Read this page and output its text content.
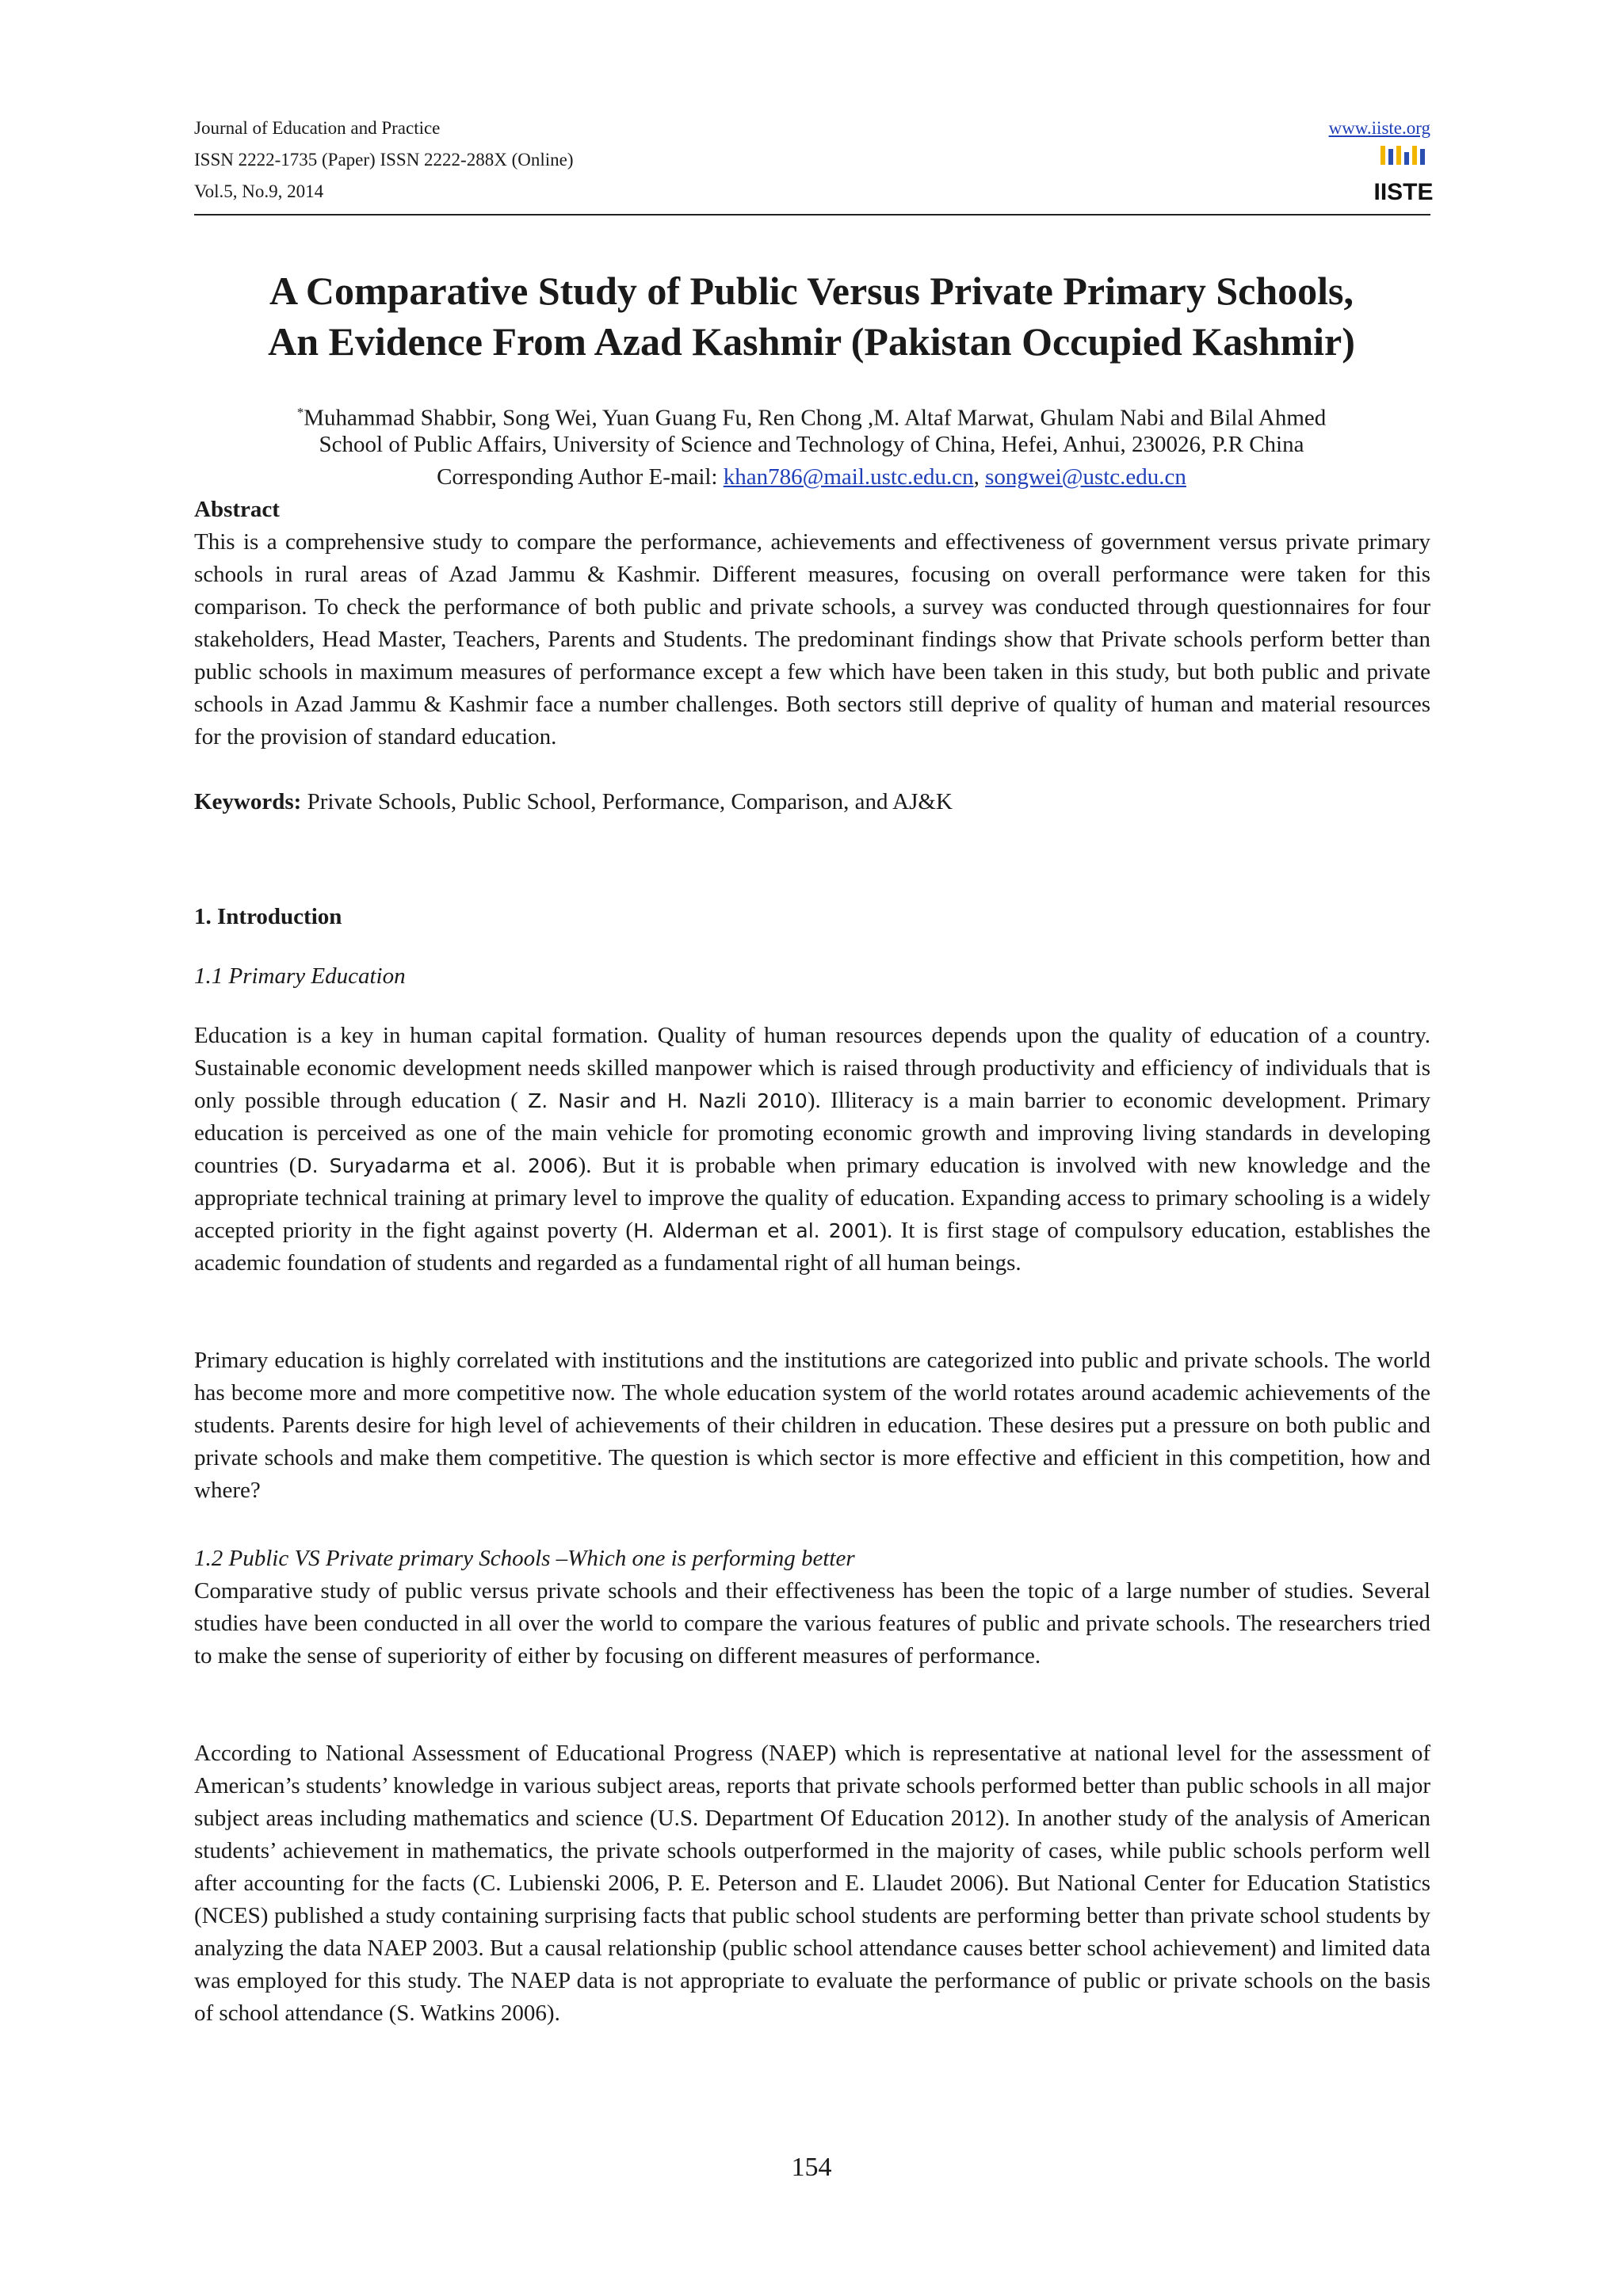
Journal of Education and Practice
ISSN 2222-1735 (Paper) ISSN 2222-288X (Online)
Vol.5, No.9, 2014
www.iiste.org
IISTE
A Comparative Study of Public Versus Private Primary Schools,
An Evidence From Azad Kashmir (Pakistan Occupied Kashmir)
*Muhammad Shabbir, Song Wei, Yuan Guang Fu, Ren Chong ,M. Altaf Marwat, Ghulam Nabi and Bilal Ahmed
School of Public Affairs, University of Science and Technology of China, Hefei, Anhui, 230026, P.R China
Corresponding Author E-mail: khan786@mail.ustc.edu.cn, songwei@ustc.edu.cn
Abstract
This is a comprehensive study to compare the performance, achievements and effectiveness of government versus private primary schools in rural areas of Azad Jammu & Kashmir. Different measures, focusing on overall performance were taken for this comparison. To check the performance of both public and private schools, a survey was conducted through questionnaires for four stakeholders, Head Master, Teachers, Parents and Students. The predominant findings show that Private schools perform better than public schools in maximum measures of performance except a few which have been taken in this study, but both public and private schools in Azad Jammu & Kashmir face a number challenges. Both sectors still deprive of quality of human and material resources for the provision of standard education.
Keywords: Private Schools, Public School, Performance, Comparison, and AJ&K
1. Introduction
1.1 Primary Education
Education is a key in human capital formation. Quality of human resources depends upon the quality of education of a country. Sustainable economic development needs skilled manpower which is raised through productivity and efficiency of individuals that is only possible through education ( Z. Nasir and H. Nazli 2010). Illiteracy is a main barrier to economic development. Primary education is perceived as one of the main vehicle for promoting economic growth and improving living standards in developing countries (D. Suryadarma et al. 2006). But it is probable when primary education is involved with new knowledge and the appropriate technical training at primary level to improve the quality of education. Expanding access to primary schooling is a widely accepted priority in the fight against poverty (H. Alderman et al. 2001). It is first stage of compulsory education, establishes the academic foundation of students and regarded as a fundamental right of all human beings.
Primary education is highly correlated with institutions and the institutions are categorized into public and private schools. The world has become more and more competitive now. The whole education system of the world rotates around academic achievements of the students. Parents desire for high level of achievements of their children in education. These desires put a pressure on both public and private schools and make them competitive. The question is which sector is more effective and efficient in this competition, how and where?
1.2 Public VS Private primary Schools –Which one is performing better
Comparative study of public versus private schools and their effectiveness has been the topic of a large number of studies. Several studies have been conducted in all over the world to compare the various features of public and private schools. The researchers tried to make the sense of superiority of either by focusing on different measures of performance.
According to National Assessment of Educational Progress (NAEP) which is representative at national level for the assessment of American’s students’ knowledge in various subject areas, reports that private schools performed better than public schools in all major subject areas including mathematics and science (U.S. Department Of Education 2012). In another study of the analysis of American students’ achievement in mathematics, the private schools outperformed in the majority of cases, while public schools perform well after accounting for the facts (C. Lubienski 2006, P. E. Peterson and E. Llaudet 2006). But National Center for Education Statistics (NCES) published a study containing surprising facts that public school students are performing better than private school students by analyzing the data NAEP 2003. But a causal relationship (public school attendance causes better school achievement) and limited data was employed for this study. The NAEP data is not appropriate to evaluate the performance of public or private schools on the basis of school attendance (S. Watkins 2006).
154
